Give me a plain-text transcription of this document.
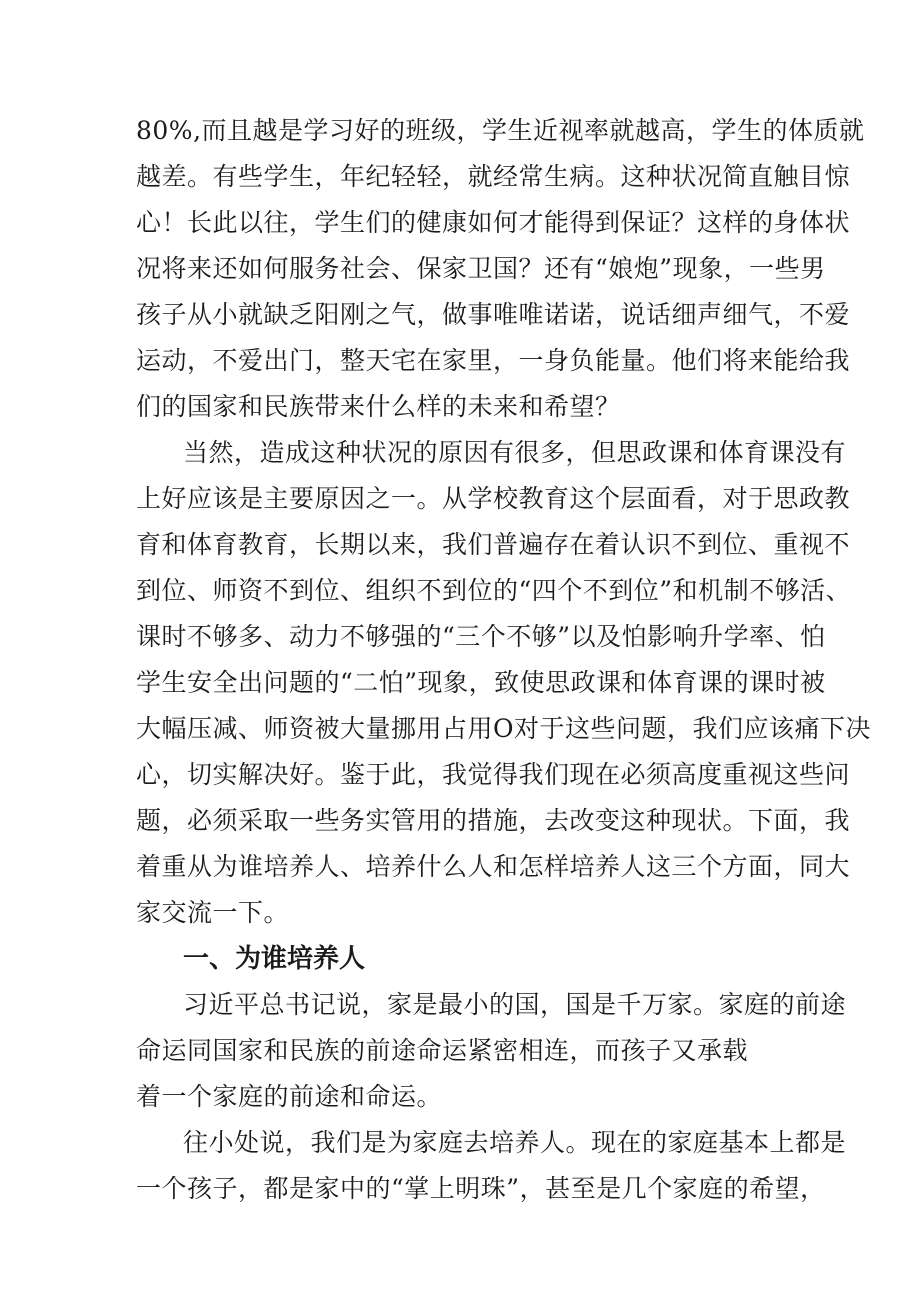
80%,而且越是学习好的班级，学生近视率就越高，学生的体质就
越差。有些学生，年纪轻轻，就经常生病。这种状况简直触目惊
心！长此以往，学生们的健康如何才能得到保证？这样的身体状
况将来还如何服务社会、保家卫国？还有“娘炮”现象，一些男
孩子从小就缺乏阳刚之气，做事唯唯诺诺，说话细声细气，不爱
运动，不爱出门，整天宅在家里，一身负能量。他们将来能给我
们的国家和民族带来什么样的未来和希望？
当然，造成这种状况的原因有很多，但思政课和体育课没有
上好应该是主要原因之一。从学校教育这个层面看，对于思政教
育和体育教育，长期以来，我们普遍存在着认识不到位、重视不
到位、师资不到位、组织不到位的“四个不到位”和机制不够活、
课时不够多、动力不够强的“三个不够”以及怕影响升学率、怕
学生安全出问题的“二怕”现象，致使思政课和体育课的课时被
大幅压减、师资被大量挪用占用O对于这些问题，我们应该痛下决
心，切实解决好。鉴于此，我觉得我们现在必须高度重视这些问
题，必须采取一些务实管用的措施，去改变这种现状。下面，我
着重从为谁培养人、培养什么人和怎样培养人这三个方面，同大
家交流一下。
一、为谁培养人
习近平总书记说，家是最小的国，国是千万家。家庭的前途
命运同国家和民族的前途命运紧密相连，而孩子又承载
着一个家庭的前途和命运。
往小处说，我们是为家庭去培养人。现在的家庭基本上都是
一个孩子，都是家中的“掌上明珠”，甚至是几个家庭的希望，
